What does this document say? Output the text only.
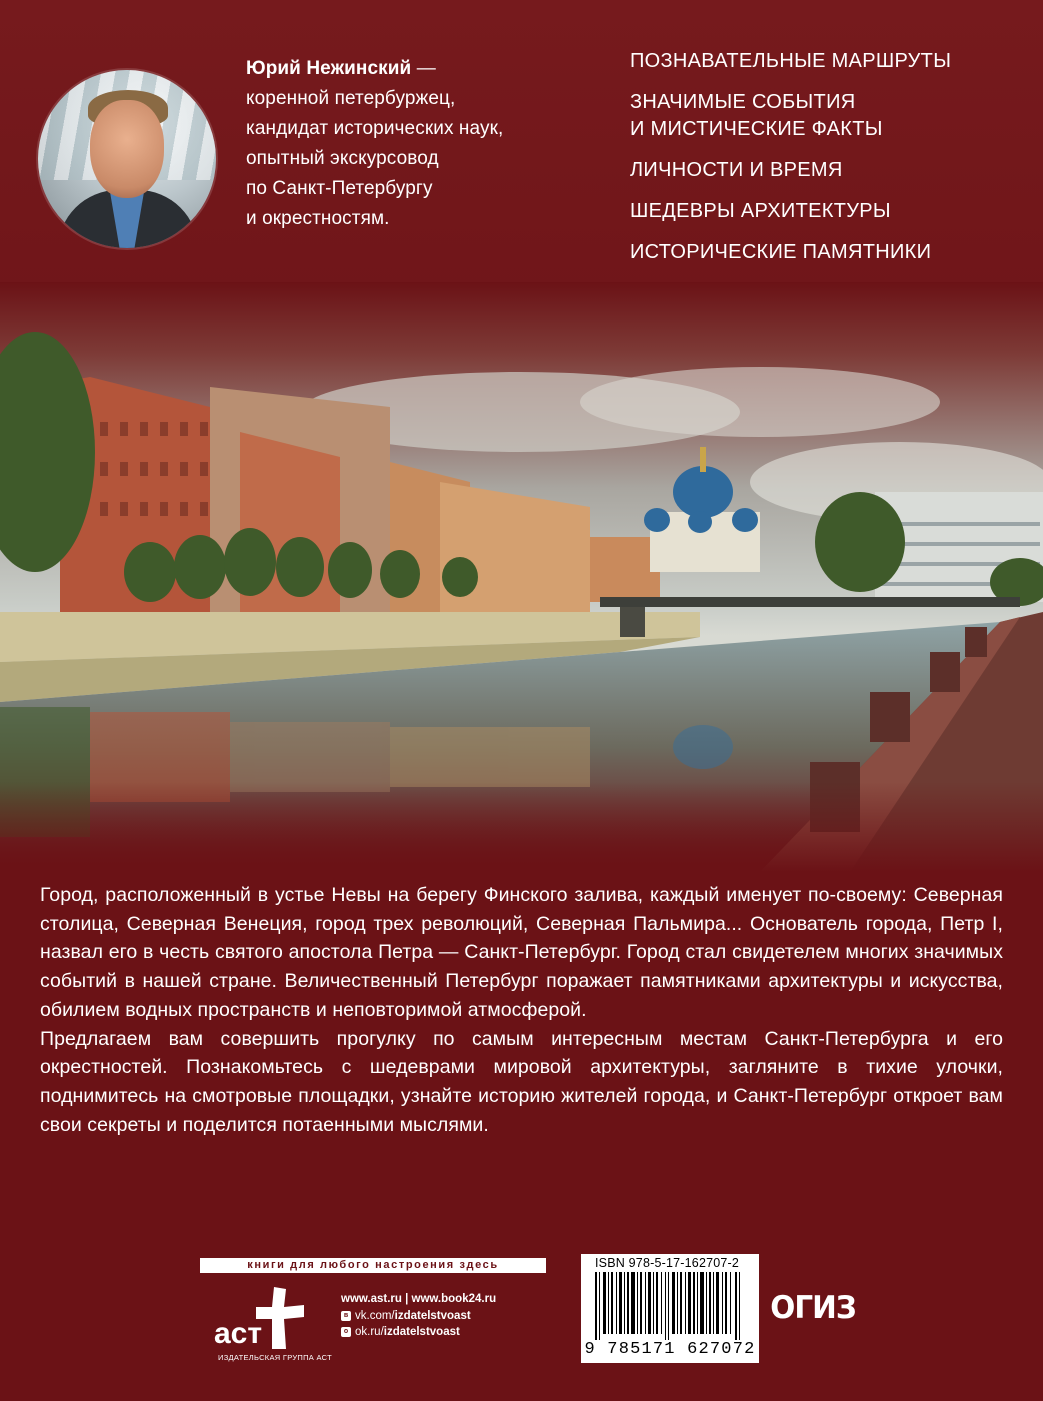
Юрий Нежинский —
коренной петербуржец,
кандидат исторических наук,
опытный экскурсовод
по Санкт-Петербургу
и окрестностям.
ПОЗНАВАТЕЛЬНЫЕ МАРШРУТЫ
ЗНАЧИМЫЕ СОБЫТИЯ
И МИСТИЧЕСКИЕ ФАКТЫ
ЛИЧНОСТИ И ВРЕМЯ
ШЕДЕВРЫ АРХИТЕКТУРЫ
ИСТОРИЧЕСКИЕ ПАМЯТНИКИ

Город, расположенный в устье Невы на берегу Финского залива, каждый именует по-своему: Северная столица, Северная Венеция, город трех революций, Северная Пальмира... Основатель города, Петр I, назвал его в честь святого апостола Петра — Санкт-Петербург. Город стал свидетелем многих значимых событий в нашей стране. Величественный Петербург поражает памятниками архитектуры и искусства, обилием водных пространств и неповторимой атмосферой.

Предлагаем вам совершить прогулку по самым интересным местам Санкт-Петербурга и его окрестностей. Познакомьтесь с шедеврами мировой архитектуры, загляните в тихие улочки, поднимитесь на смотровые площадки, узнайте историю жителей города, и Санкт-Петербург откроет вам свои секреты и поделится потаенными мыслями.

книги для любого настроения здесь
аст
ИЗДАТЕЛЬСКАЯ ГРУППА АСТ
www.ast.ru | www.book24.ru
в vk.com/izdatelstvoast
о ok.ru/izdatelstvoast
ISBN 978-5-17-162707-2
9 785171 627072
ОГИЗ
